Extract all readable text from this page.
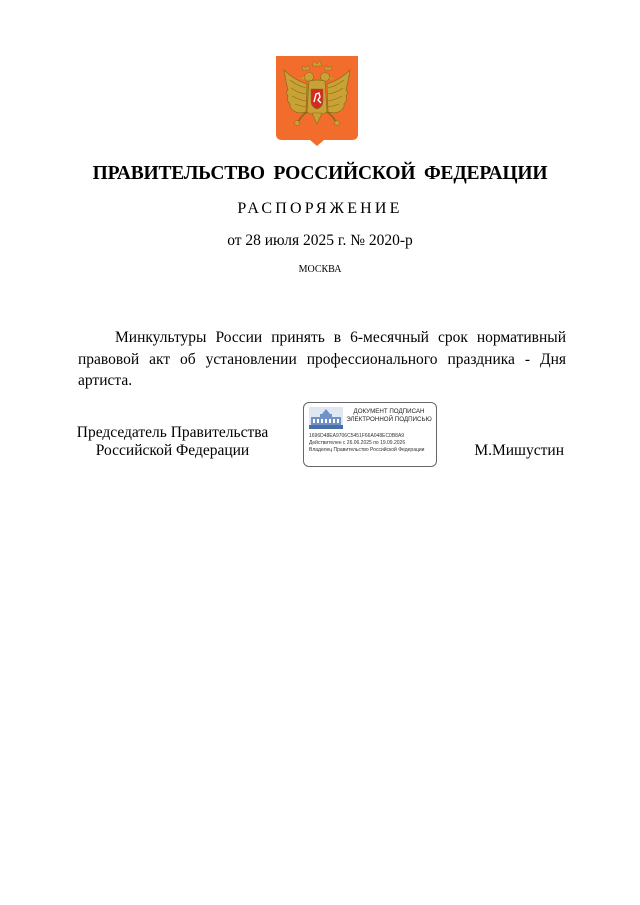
ПРАВИТЕЛЬСТВО РОССИЙСКОЙ ФЕДЕРАЦИИ
РАСПОРЯЖЕНИЕ
от 28 июля 2025 г. № 2020-р
МОСКВА

Минкультуры России принять в 6-месячный срок нормативный правовой акт об установлении профессионального праздника - Дня артиста.

Председатель Правительства
Российской Федерации
ДОКУМЕНТ ПОДПИСАН
ЭЛЕКТРОННОЙ ПОДПИСЬЮ
1696D48EA9706C5451F66A048EC0B8A9
Действителен с 26.06.2025 по 19.09.2026
Владелец Правительство Российской Федерации	М.Мишустин
